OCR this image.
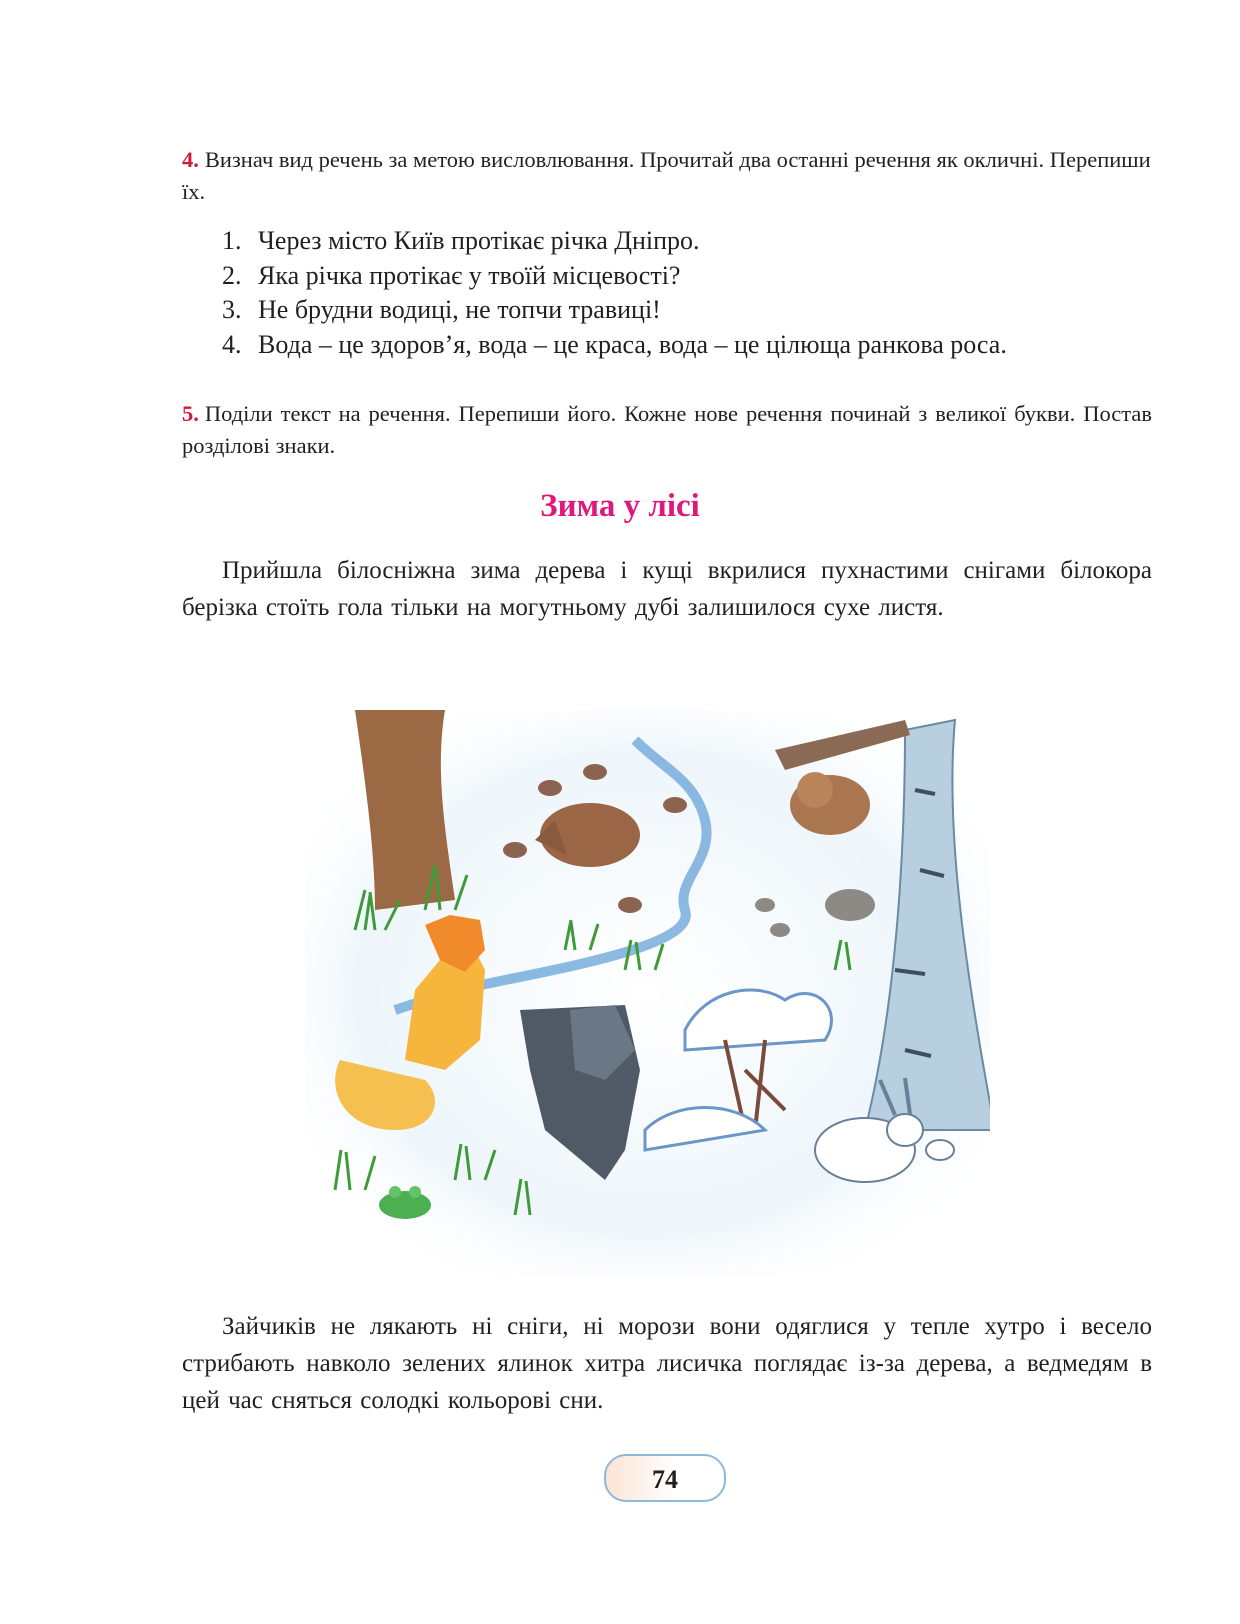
4. Визнач вид речень за метою висловлювання. Прочитай два останні речення як окличні. Перепиши їх.
1. Через місто Київ протікає річка Дніпро.
2. Яка річка протікає у твоїй місцевості?
3. Не брудни водиці, не топчи травиці!
4. Вода – це здоров’я, вода – це краса, вода – це цілюща ранкова роса.
5. Поділи текст на речення. Перепиши його. Кожне нове речення починай з великої букви. Постав розділові знаки.
Зима у лісі
Прийшла білосніжна зима дерева і кущі вкрилися пухнастими снігами білокора берізка стоїть гола тільки на могутньому дубі залишилося сухе листя.
Зайчиків не лякають ні сніги, ні морози вони одяглися у тепле хутро і весело стрибають навколо зелених ялинок хитра лисичка поглядає із-за дерева, а ведмедям в цей час сняться солодкі кольорові сни.
74
